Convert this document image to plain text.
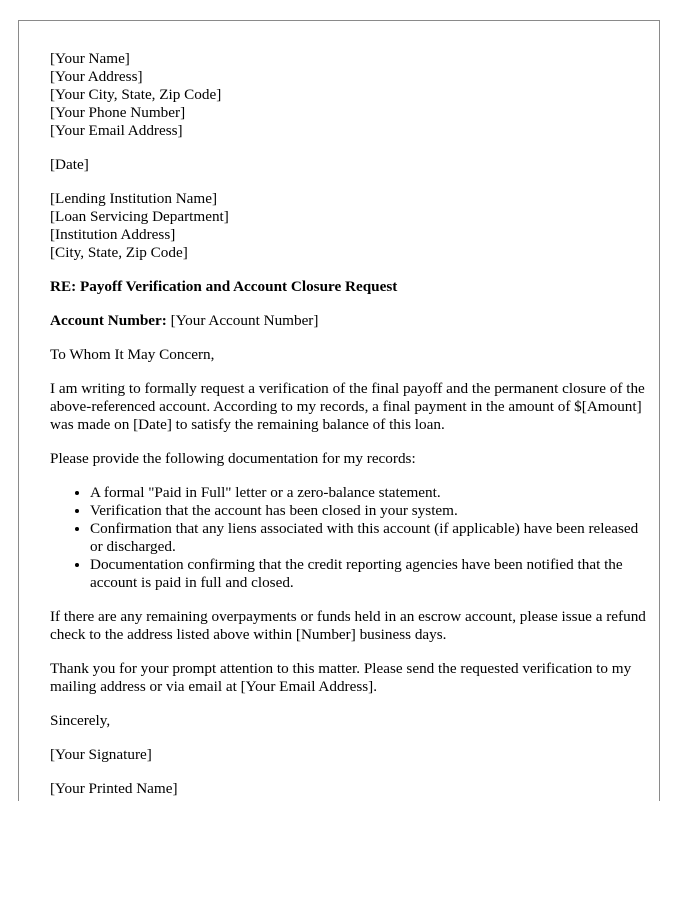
[Your Name]
[Your Address]
[Your City, State, Zip Code]
[Your Phone Number]
[Your Email Address]

[Date]

[Lending Institution Name]
[Loan Servicing Department]
[Institution Address]
[City, State, Zip Code]

RE: Payoff Verification and Account Closure Request

Account Number: [Your Account Number]

To Whom It May Concern,

I am writing to formally request a verification of the final payoff and the permanent closure of the above-referenced account. According to my records, a final payment in the amount of $[Amount] was made on [Date] to satisfy the remaining balance of this loan.

Please provide the following documentation for my records:

• A formal "Paid in Full" letter or a zero-balance statement.
• Verification that the account has been closed in your system.
• Confirmation that any liens associated with this account (if applicable) have been released or discharged.
• Documentation confirming that the credit reporting agencies have been notified that the account is paid in full and closed.

If there are any remaining overpayments or funds held in an escrow account, please issue a refund check to the address listed above within [Number] business days.

Thank you for your prompt attention to this matter. Please send the requested verification to my mailing address or via email at [Your Email Address].

Sincerely,

[Your Signature]

[Your Printed Name]
